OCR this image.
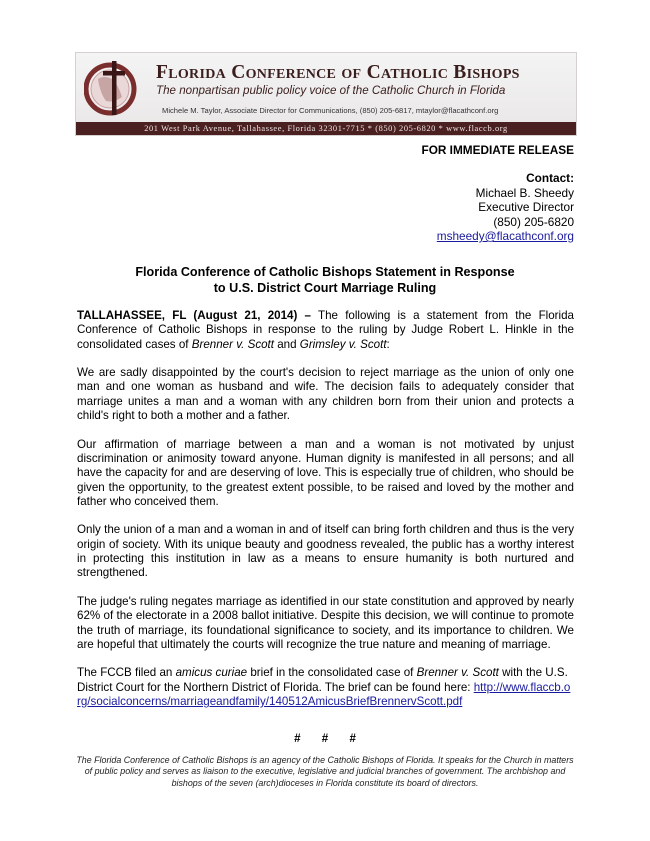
Florida Conference of Catholic Bishops
The nonpartisan public policy voice of the Catholic Church in Florida
Michele M. Taylor, Associate Director for Communications, (850) 205-6817, mtaylor@flacathconf.org
201 West Park Avenue, Tallahassee, Florida 32301-7715 * (850) 205-6820 * www.flaccb.org
FOR IMMEDIATE RELEASE
Contact:
Michael B. Sheedy
Executive Director
(850) 205-6820
msheedy@flacathconf.org
Florida Conference of Catholic Bishops Statement in Response
to U.S. District Court Marriage Ruling

TALLAHASSEE, FL (August 21, 2014) – The following is a statement from the Florida Conference of Catholic Bishops in response to the ruling by Judge Robert L. Hinkle in the consolidated cases of Brenner v. Scott and Grimsley v. Scott:

We are sadly disappointed by the court's decision to reject marriage as the union of only one man and one woman as husband and wife. The decision fails to adequately consider that marriage unites a man and a woman with any children born from their union and protects a child's right to both a mother and a father.

Our affirmation of marriage between a man and a woman is not motivated by unjust discrimination or animosity toward anyone. Human dignity is manifested in all persons; and all have the capacity for and are deserving of love. This is especially true of children, who should be given the opportunity, to the greatest extent possible, to be raised and loved by the mother and father who conceived them.

Only the union of a man and a woman in and of itself can bring forth children and thus is the very origin of society. With its unique beauty and goodness revealed, the public has a worthy interest in protecting this institution in law as a means to ensure humanity is both nurtured and strengthened.

The judge's ruling negates marriage as identified in our state constitution and approved by nearly 62% of the electorate in a 2008 ballot initiative. Despite this decision, we will continue to promote the truth of marriage, its foundational significance to society, and its importance to children. We are hopeful that ultimately the courts will recognize the true nature and meaning of marriage.

The FCCB filed an amicus curiae brief in the consolidated case of Brenner v. Scott with the U.S. District Court for the Northern District of Florida. The brief can be found here: http://www.flaccb.org/socialconcerns/marriageandfamily/140512AmicusBriefBrennervScott.pdf

# # #
The Florida Conference of Catholic Bishops is an agency of the Catholic Bishops of Florida. It speaks for the Church in matters of public policy and serves as liaison to the executive, legislative and judicial branches of government. The archbishop and bishops of the seven (arch)dioceses in Florida constitute its board of directors.
